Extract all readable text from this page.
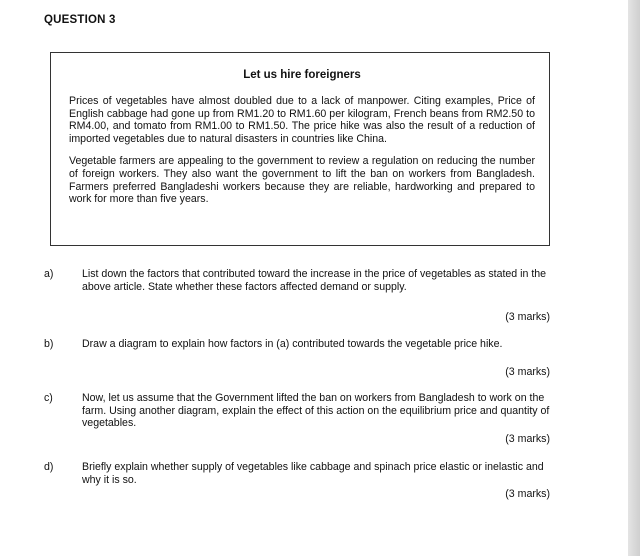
QUESTION 3
Let us hire foreigners

Prices of vegetables have almost doubled due to a lack of manpower. Citing examples, Price of English cabbage had gone up from RM1.20 to RM1.60 per kilogram, French beans from RM2.50 to RM4.00, and tomato from RM1.00 to RM1.50. The price hike was also the result of a reduction of imported vegetables due to natural disasters in countries like China.

Vegetable farmers are appealing to the government to review a regulation on reducing the number of foreign workers. They also want the government to lift the ban on workers from Bangladesh. Farmers preferred Bangladeshi workers because they are reliable, hardworking and prepared to work for more than five years.

a)	List down the factors that contributed toward the increase in the price of vegetables as stated in the above article. State whether these factors affected demand or supply.
(3 marks)
b)	Draw a diagram to explain how factors in (a) contributed towards the vegetable price hike.
(3 marks)
c)	Now, let us assume that the Government lifted the ban on workers from Bangladesh to work on the farm. Using another diagram, explain the effect of this action on the equilibrium price and quantity of vegetables.
(3 marks)
d)	Briefly explain whether supply of vegetables like cabbage and spinach price elastic or inelastic and why it is so.
(3 marks)
